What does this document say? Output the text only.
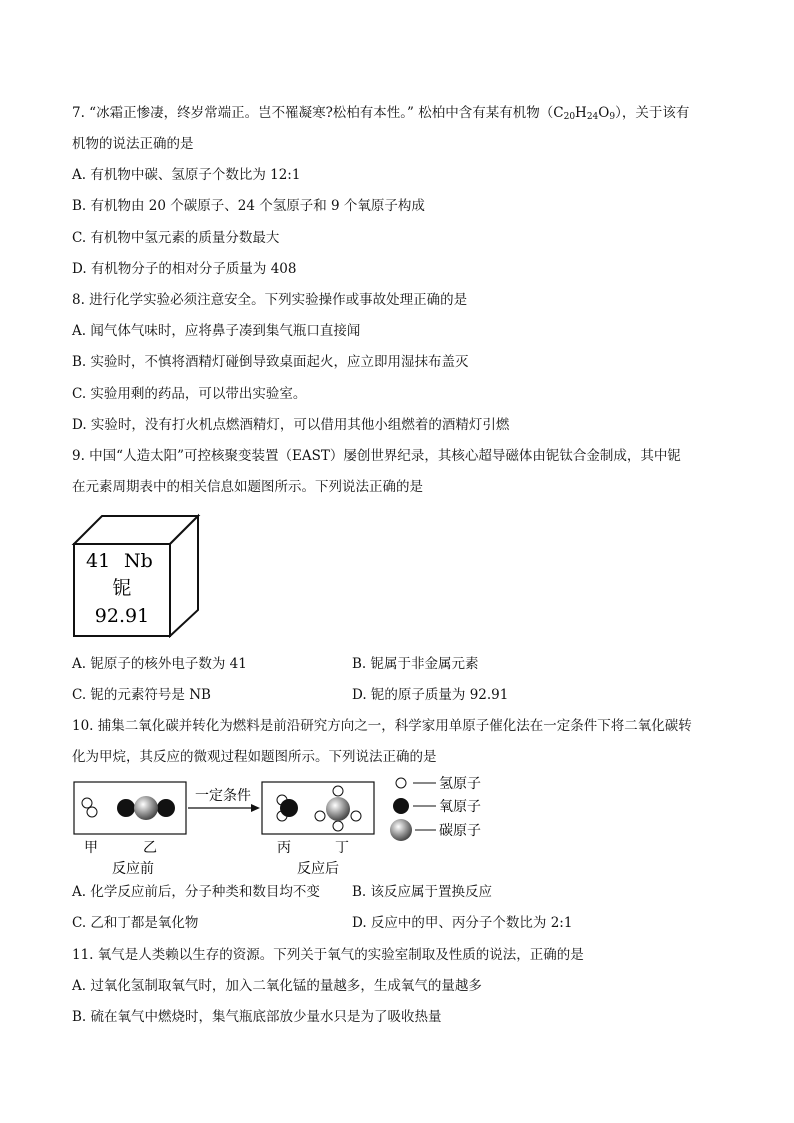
7. “冰霜正惨凄，终岁常端正。岂不罹凝寒?松柏有本性。” 松柏中含有某有机物$(C_{20}H_{24}O_9)$，关于该有
机物的说法正确的是
A. 有机物中碳、氢原子个数比为 12:1
B. 有机物由 20 个碳原子、24 个氢原子和 9 个氧原子构成
C. 有机物中氢元素的质量分数最大
D. 有机物分子的相对分子质量为 408
8. 进行化学实验必须注意安全。下列实验操作或事故处理正确的是
A. 闻气体气味时，应将鼻子凑到集气瓶口直接闻
B. 实验时，不慎将酒精灯碰倒导致桌面起火，应立即用湿抹布盖灭
C. 实验用剩的药品，可以带出实验室。
D. 实验时，没有打火机点燃酒精灯，可以借用其他小组燃着的酒精灯引燃
9. 中国“人造太阳”可控核聚变装置（EAST）屡创世界纪录，其核心超导磁体由铌钛合金制成，其中铌
在元素周期表中的相关信息如题图所示。下列说法正确的是
41 Nb
铌
92.91
A. 铌原子的核外电子数为 41	B. 铌属于非金属元素
C. 铌的元素符号是 NB	D. 铌的原子质量为 92.91
10. 捕集二氧化碳并转化为燃料是前沿研究方向之一，科学家用单原子催化法在一定条件下将二氧化碳转
化为甲烷，其反应的微观过程如题图所示。下列说法正确的是
一定条件
甲	乙	丙	丁
反应前	反应后
氢原子
氧原子
碳原子
A. 化学反应前后，分子种类和数目均不变 B. 该反应属于置换反应
C. 乙和丁都是氧化物	D. 反应中的甲、丙分子个数比为 2:1
11. 氧气是人类赖以生存的资源。下列关于氧气的实验室制取及性质的说法，正确的是
A. 过氧化氢制取氧气时，加入二氧化锰的量越多，生成氧气的量越多
B. 硫在氧气中燃烧时，集气瓶底部放少量水只是为了吸收热量
